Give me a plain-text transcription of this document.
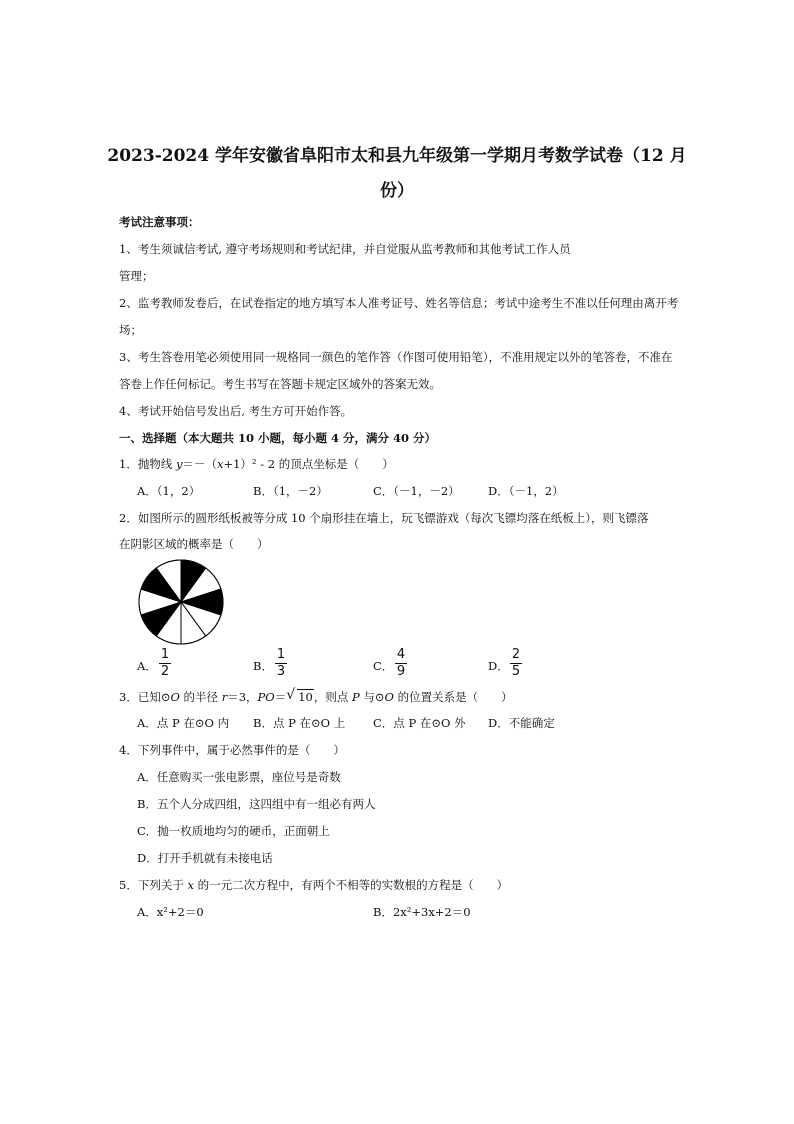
2023-2024 学年安徽省阜阳市太和县九年级第一学期月考数学试卷（12 月
份）
考试注意事项：
1、考生须诚信考试, 遵守考场规则和考试纪律，并自觉服从监考教师和其他考试工作人员
管理；
2、监考教师发卷后，在试卷指定的地方填写本人准考证号、姓名等信息；考试中途考生不准以任何理由离开考
场；
3、考生答卷用笔必须使用同一规格同一颜色的笔作答（作图可使用铅笔），不准用规定以外的笔答卷，不准在
答卷上作任何标记。考生书写在答题卡规定区域外的答案无效。
4、考试开始信号发出后, 考生方可开始作答。
一、选择题（本大题共 10 小题，每小题 4 分，满分 40 分）
1．抛物线 y＝－（x+1）² - 2 的顶点坐标是（　　）
A．（1，2）	B．（1，－2）	C．（－1，－2） D．（－1，2）
2．如图所示的圆形纸板被等分成 10 个扇形挂在墙上，玩飞镖游戏（每次飞镖均落在纸板上），则飞镖落
在阴影区域的概率是（　　）
A．
1
2	B．
1
3	C．
4
9	D．
2
5
3．已知⊙O 的半径 r＝3，PO＝ √ 10，则点 P 与⊙O 的位置关系是（　　）
A．点 P 在⊙O 内 B．点 P 在⊙O 上 C．点 P 在⊙O 外 D．不能确定
4．下列事件中，属于必然事件的是（　　）
A．任意购买一张电影票，座位号是奇数
B．五个人分成四组，这四组中有一组必有两人
C．抛一枚质地均匀的硬币，正面朝上
D．打开手机就有未接电话
5．下列关于 x 的一元二次方程中，有两个不相等的实数根的方程是（　　）
A．x²+2＝0	B．2x²+3x+2＝0
